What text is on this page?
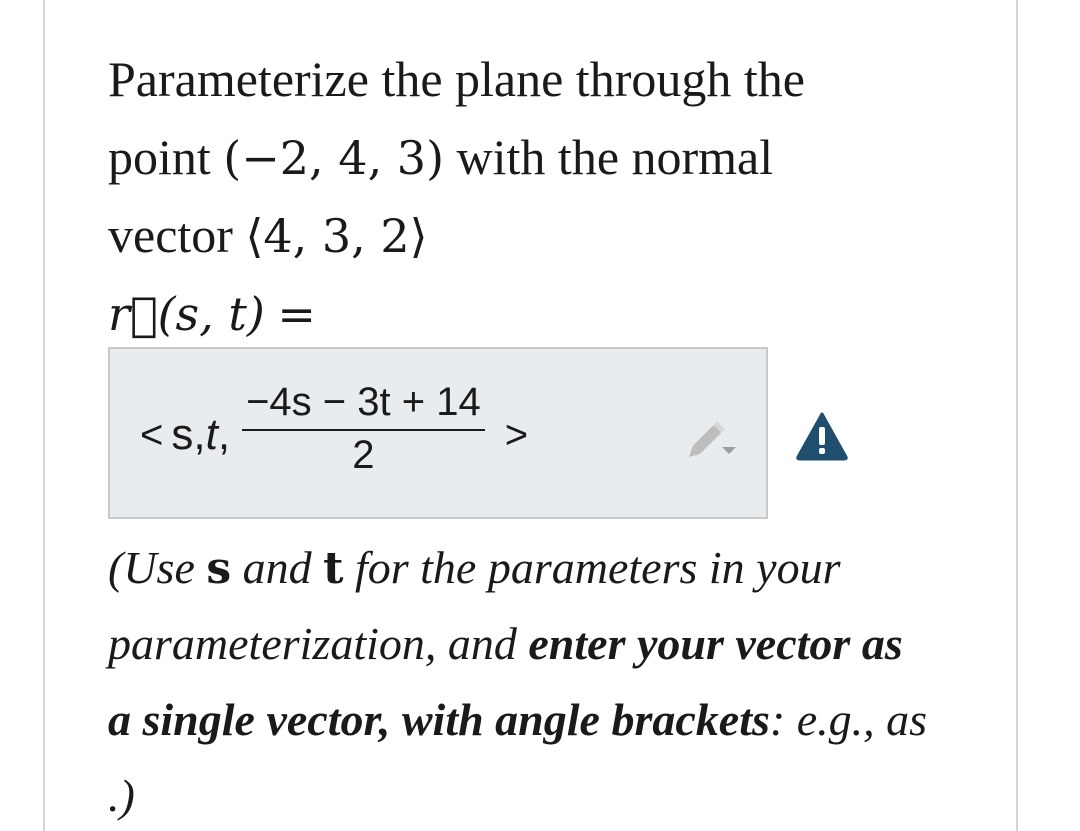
Parameterize the plane through the
point (−2, 4, 3) with the normal
vector ⟨4, 3, 2⟩
r⃗(s, t) =
< s,t, $\frac{-4s - 3t + 14}{2}$ >
(Use s and t for the parameters in your
parameterization, and enter your vector as
a single vector, with angle brackets: e.g., as
.)
